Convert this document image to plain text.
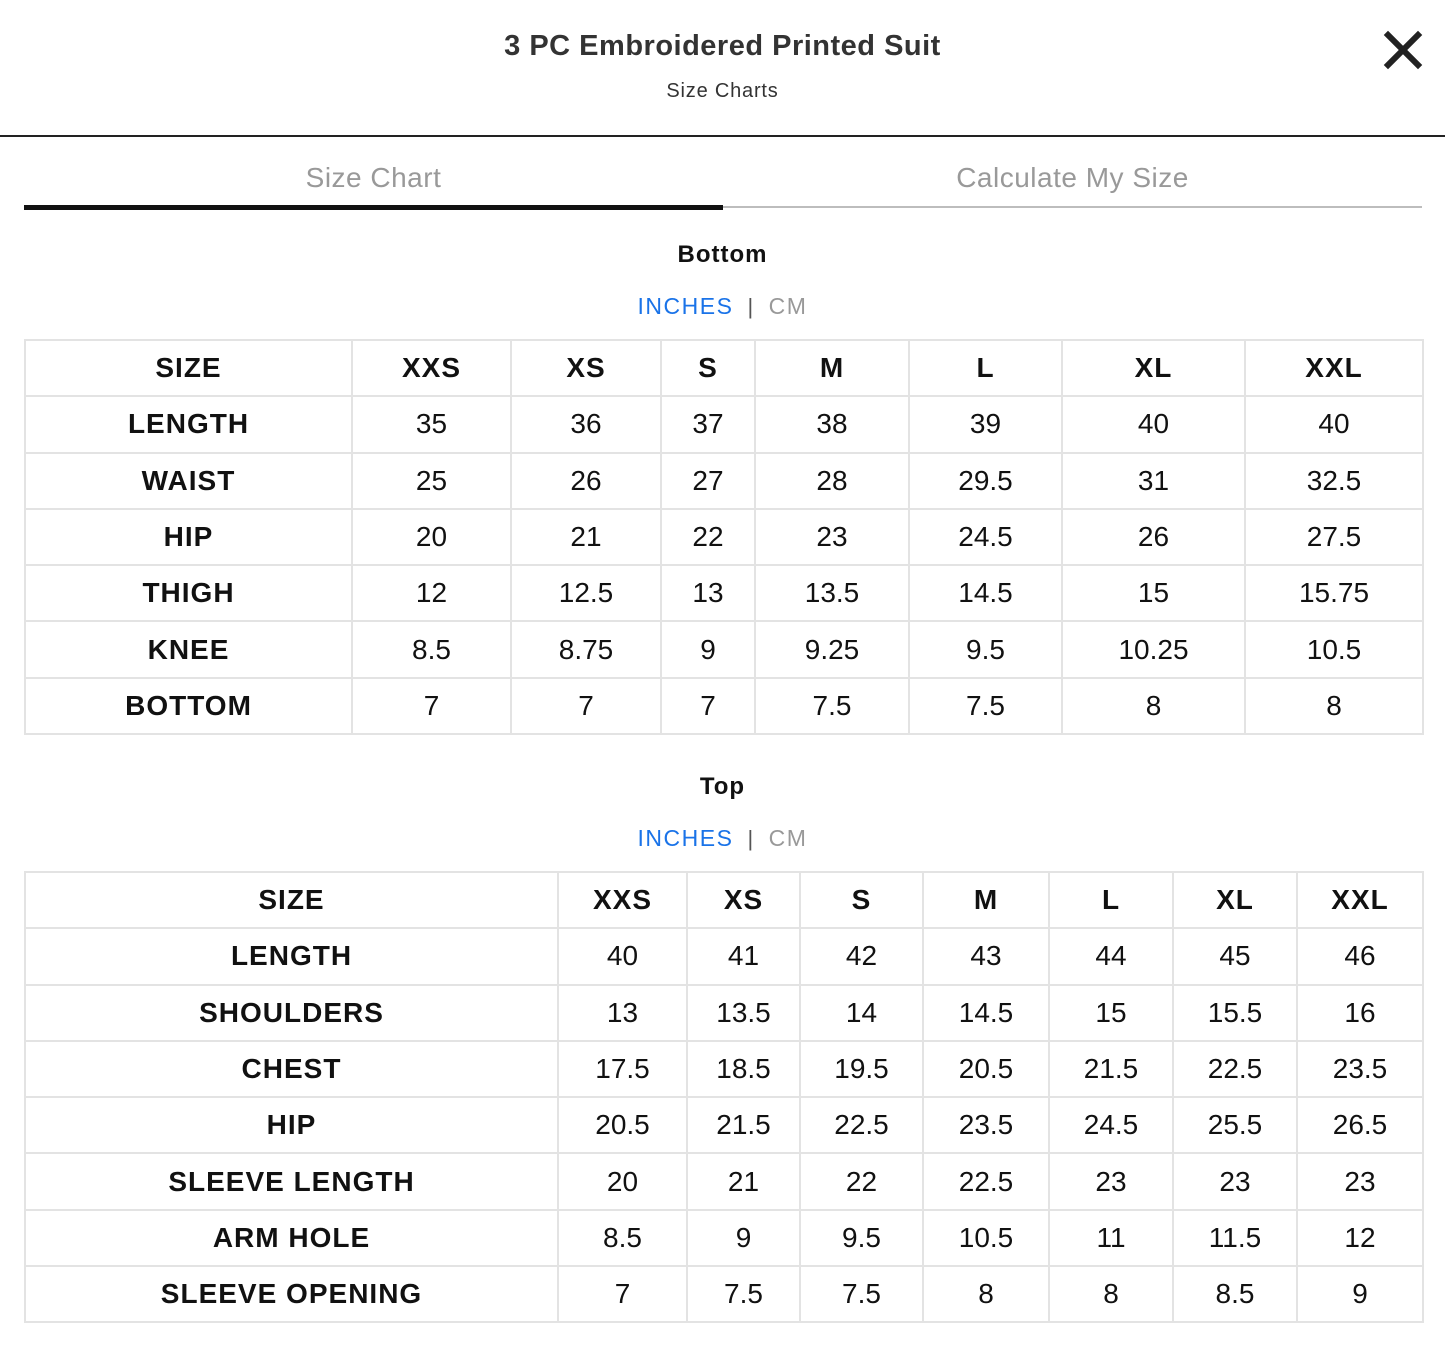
3 PC Embroidered Printed Suit
Size Charts
Size Chart	Calculate My Size
Bottom
INCHES | CM
SIZE	XXS	XS	S	M	L	XL	XXL
LENGTH	35	36	37	38	39	40	40
WAIST	25	26	27	28	29.5	31	32.5
HIP	20	21	22	23	24.5	26	27.5
THIGH	12	12.5	13	13.5	14.5	15	15.75
KNEE	8.5	8.75	9	9.25	9.5	10.25	10.5
BOTTOM	7	7	7	7.5	7.5	8	8
Top
INCHES | CM
SIZE	XXS	XS	S	M	L	XL	XXL
LENGTH	40	41	42	43	44	45	46
SHOULDERS	13	13.5	14	14.5	15	15.5	16
CHEST	17.5	18.5	19.5	20.5	21.5	22.5	23.5
HIP	20.5	21.5	22.5	23.5	24.5	25.5	26.5
SLEEVE LENGTH	20	21	22	22.5	23	23	23
ARM HOLE	8.5	9	9.5	10.5	11	11.5	12
SLEEVE OPENING	7	7.5	7.5	8	8	8.5	9
